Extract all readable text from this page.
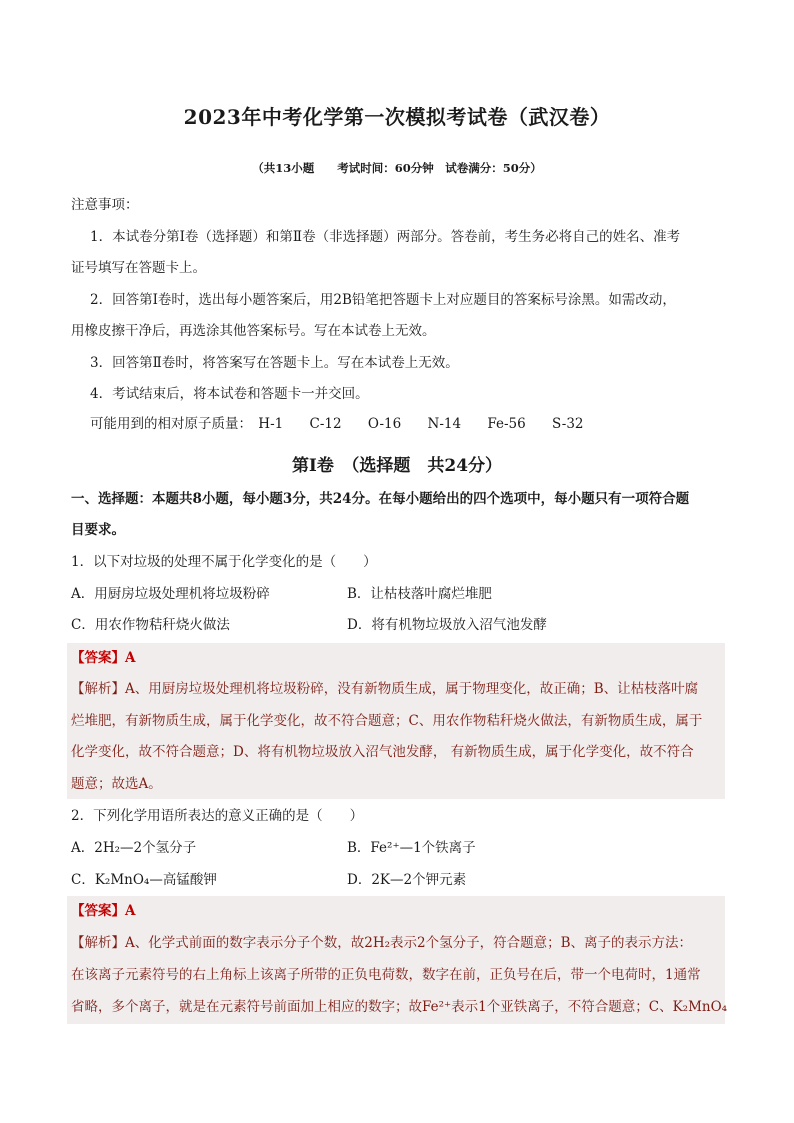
2023年中考化学第一次模拟考试卷（武汉卷）
（共13小题　　考试时间：60分钟　试卷满分：50分）
注意事项：
1．本试卷分第Ⅰ卷（选择题）和第Ⅱ卷（非选择题）两部分。答卷前，考生务必将自己的姓名、准考
证号填写在答题卡上。
2．回答第Ⅰ卷时，选出每小题答案后，用2B铅笔把答题卡上对应题目的答案标号涂黑。如需改动，
用橡皮擦干净后，再选涂其他答案标号。写在本试卷上无效。
3．回答第Ⅱ卷时，将答案写在答题卡上。写在本试卷上无效。
4．考试结束后，将本试卷和答题卡一并交回。
可能用到的相对原子质量： H-1 C-12 O-16 N-14 Fe-56 S-32
第Ⅰ卷　（选择题　共24分）
一、选择题：本题共8小题，每小题3分，共24分。在每小题给出的四个选项中，每小题只有一项符合题
目要求。
1．以下对垃圾的处理不属于化学变化的是（　　）
A．用厨房垃圾处理机将垃圾粉碎	B．让枯枝落叶腐烂堆肥
C．用农作物秸秆烧火做法	D．将有机物垃圾放入沼气池发酵
【答案】A
【解析】A、用厨房垃圾处理机将垃圾粉碎，没有新物质生成，属于物理变化，故正确；B、让枯枝落叶腐
烂堆肥，有新物质生成，属于化学变化，故不符合题意；C、用农作物秸秆烧火做法，有新物质生成，属于
化学变化，故不符合题意；D、将有机物垃圾放入沼气池发酵， 有新物质生成，属于化学变化，故不符合
题意；故选A。
2．下列化学用语所表达的意义正确的是（　　）
A．2H₂—2个氢分子	B．Fe²⁺—1个铁离子
C．K₂MnO₄—高锰酸钾	D．2K—2个钾元素
【答案】A
【解析】A、化学式前面的数字表示分子个数，故2H₂表示2个氢分子，符合题意；B、离子的表示方法：
在该离子元素符号的右上角标上该离子所带的正负电荷数，数字在前，正负号在后，带一个电荷时，1通常
省略，多个离子，就是在元素符号前面加上相应的数字；故Fe²⁺表示1个亚铁离子，不符合题意；C、K₂MnO₄
